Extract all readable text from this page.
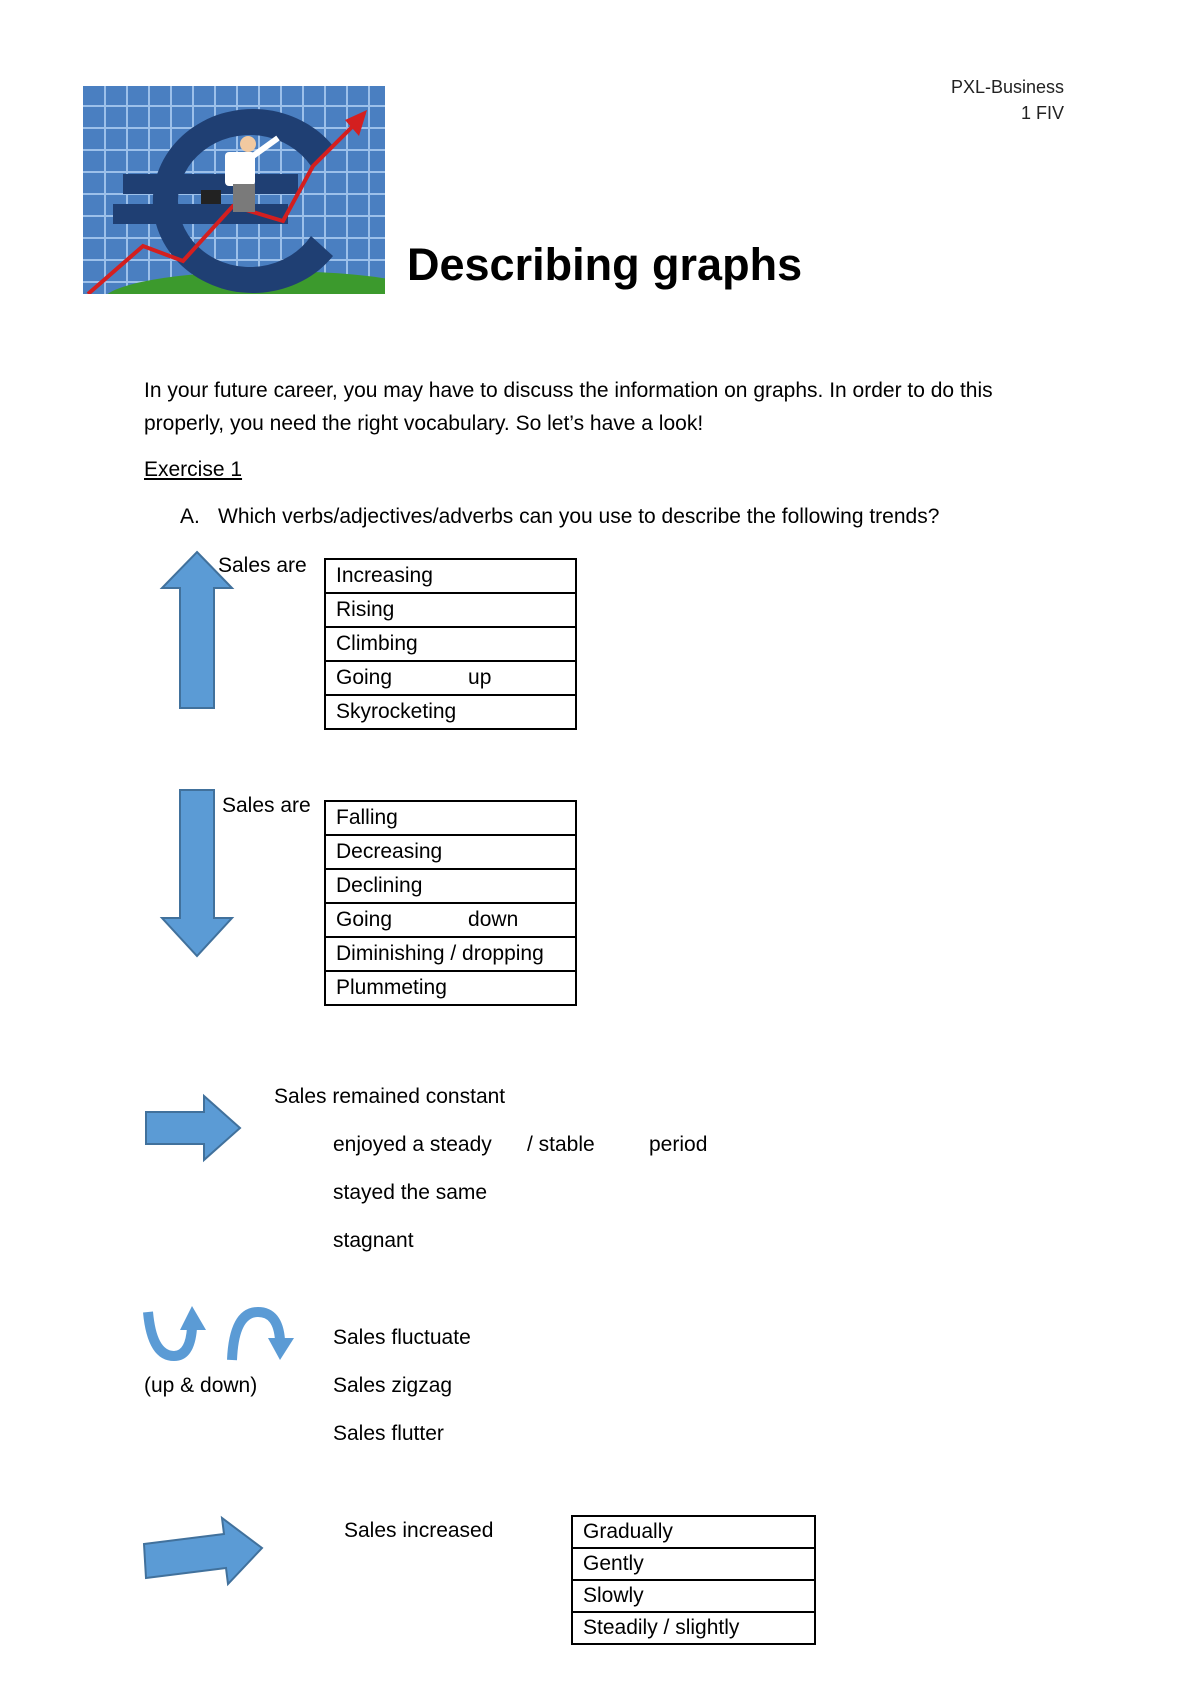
PXL-Business
1 FIV
Describing graphs
In your future career, you may have to discuss the information on graphs. In order to do this properly, you need the right vocabulary. So let’s have a look!
Exercise 1
A. Which verbs/adjectives/adverbs can you use to describe the following trends?
Sales are Increasing
Rising
Climbing
Going	up
Skyrocketing
Sales are
Falling
Decreasing
Declining
Going	down
Diminishing / dropping
Plummeting
Sales remained constant
enjoyed a steady / stable	period
stayed the same
stagnant
(up & down)
Sales fluctuate
Sales zigzag
Sales flutter
Sales increased	Gradually
Gently
Slowly
Steadily / slightly
